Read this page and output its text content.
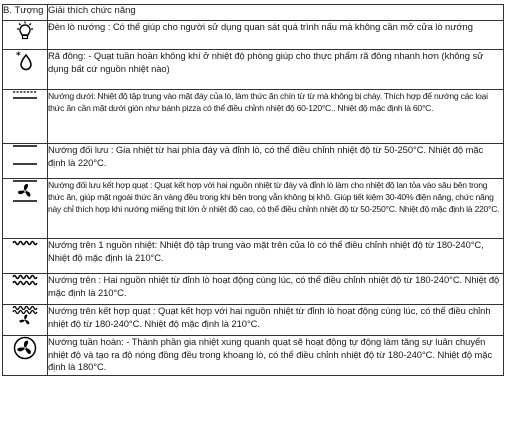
B. Tượng	Giải thích chức năng

	Đèn lò nướng : Có thể giúp cho người sử dụng quan sát quá trình nấu mà không cần mở cửa lò nướng

*	Rã đông: - Quạt tuần hoàn không khí ở nhiệt độ phòng giúp cho thực phẩm rã đông nhanh hơn (không sử dụng bất cứ nguồn nhiệt nào)

	Nướng dưới: Nhiệt độ tập trung vào mặt đáy của lò, làm thức ăn chín từ từ mà không bị cháy. Thích hợp để nướng các loại thức ăn cần mặt dưới giòn như bánh pizza có thể điều chỉnh nhiệt độ 60-120°C.. Nhiệt độ mặc định là 60°C.

	Nướng đối lưu : Gia nhiệt từ hai phía đáy và đỉnh lò, có thể điều chỉnh nhiệt độ từ 50-250°C. Nhiệt độ mặc định là 220°C.

	Nướng đối lưu kết hợp quạt : Quạt kết hợp với hai nguồn nhiệt từ đáy và đỉnh lò làm cho nhiệt độ lan tỏa vào sâu bên trong thức ăn, giúp mặt ngoài thức ăn vàng đều trong khi bên trong vẫn không bị khô. Giúp tiết kiệm 30-40% điện năng, chức năng này chỉ thích hợp khi nướng miếng thịt lớn ở nhiệt độ cao, có thể điều chỉnh nhiệt độ từ 50-250°C. Nhiệt độ mặc định là 220°C.

	Nướng trên 1 nguồn nhiệt: Nhiệt độ tập trung vào mặt trên của lò có thể điều chỉnh nhiệt độ từ 180-240°C, Nhiệt độ mặc định là 210°C.

	Nướng trên : Hai nguồn nhiệt từ đỉnh lò hoạt động cùng lúc, có thể điều chỉnh nhiệt độ từ 180-240°C. Nhiệt độ mặc định là 210°C.

	Nướng trên kết hợp quạt : Quạt kết hợp với hai nguồn nhiệt từ đỉnh lò hoạt động cùng lúc, có thể điều chỉnh nhiệt độ từ 180-240°C. Nhiệt độ mặc định là 210°C.

	Nướng tuần hoàn: - Thành phần gia nhiệt xung quanh quạt sẽ hoạt động tự động làm tăng sự luân chuyển nhiệt độ và tạo ra độ nóng đồng đều trong khoang lò, có thể điều chỉnh nhiệt độ từ 180-240°C. Nhiệt độ mặc định là 180°C.
